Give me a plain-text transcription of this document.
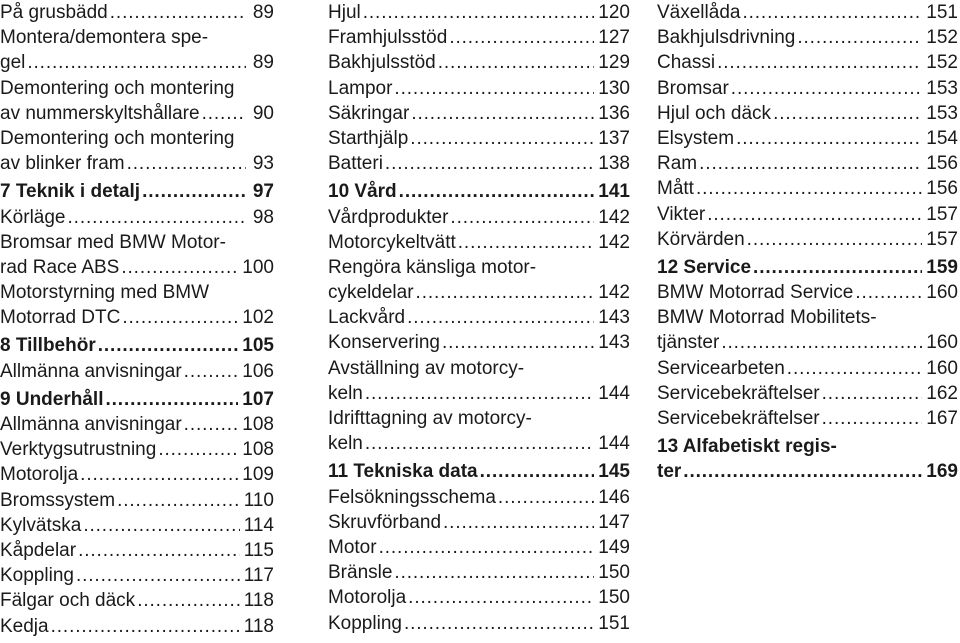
På grusbädd . . .	89
Montera/demontera spe-
gel . . .	89
Demontering och montering
av nummerskyltshållare . . .	90
Demontering och montering
av blinker fram . . .	93
7 Teknik i detalj . . .	97
Körläge . . .	98
Bromsar med BMW Motor-
rad Race ABS . . .	100
Motorstyrning med BMW
Motorrad DTC . . .	102
8 Tillbehör . . .	105
Allmänna anvisningar . . .	106
9 Underhåll . . .	107
Allmänna anvisningar . . .	108
Verktygsutrustning . . .	108
Motorolja . . .	109
Bromssystem . . .	110
Kylvätska . . .	114
Kåpdelar . . .	115
Koppling . . .	117
Fälgar och däck . . .	118
Kedja . . .	118
Hjul . . .	120
Framhjulsstöd . . .	127
Bakhjulsstöd . . .	129
Lampor . . .	130
Säkringar . . .	136
Starthjälp . . .	137
Batteri . . .	138
10 Vård . . .	141
Vårdprodukter . . .	142
Motorcykeltvätt . . .	142
Rengöra känsliga motor-
cykeldelar . . .	142
Lackvård . . .	143
Konservering . . .	143
Avställning av motorcy-
keln . . .	144
Idrifttagning av motorcy-
keln . . .	144
11 Tekniska data . . .	145
Felsökningsschema . . .	146
Skruvförband . . .	147
Motor . . .	149
Bränsle . . .	150
Motorolja . . .	150
Koppling . . .	151
Växellåda . . .	151
Bakhjulsdrivning . . .	152
Chassi . . .	152
Bromsar . . .	153
Hjul och däck . . .	153
Elsystem . . .	154
Ram . . .	156
Mått . . .	156
Vikter . . .	157
Körvärden . . .	157
12 Service . . .	159
BMW Motorrad Service . . .	160
BMW Motorrad Mobilitets-
tjänster . . .	160
Servicearbeten . . .	160
Servicebekräftelser . . .	162
Servicebekräftelser . . .	167
13 Alfabetiskt regis-
ter . . .	169
